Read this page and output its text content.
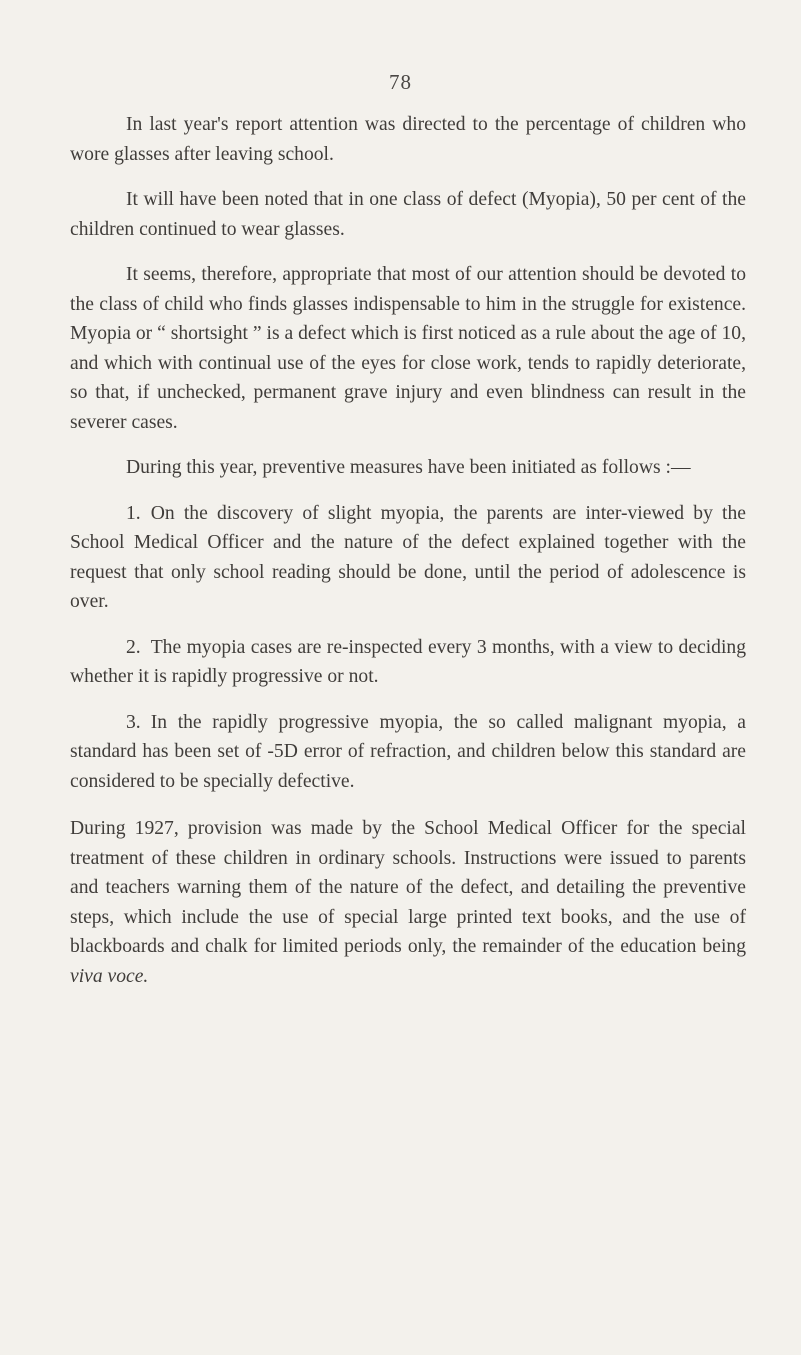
78

In last year's report attention was directed to the percentage of children who wore glasses after leaving school.

It will have been noted that in one class of defect (Myopia), 50 per cent of the children continued to wear glasses.

It seems, therefore, appropriate that most of our attention should be devoted to the class of child who finds glasses indispensable to him in the struggle for existence. Myopia or “ shortsight ” is a defect which is first noticed as a rule about the age of 10, and which with continual use of the eyes for close work, tends to rapidly deteriorate, so that, if unchecked, permanent grave injury and even blindness can result in the severer cases.

During this year, preventive measures have been initiated as follows :—

1. On the discovery of slight myopia, the parents are inter-viewed by the School Medical Officer and the nature of the defect explained together with the request that only school reading should be done, until the period of adolescence is over.

2. The myopia cases are re-inspected every 3 months, with a view to deciding whether it is rapidly progressive or not.

3. In the rapidly progressive myopia, the so called malignant myopia, a standard has been set of -5D error of refraction, and children below this standard are considered to be specially defective.

During 1927, provision was made by the School Medical Officer for the special treatment of these children in ordinary schools. Instructions were issued to parents and teachers warning them of the nature of the defect, and detailing the preventive steps, which include the use of special large printed text books, and the use of blackboards and chalk for limited periods only, the remainder of the education being viva voce.
